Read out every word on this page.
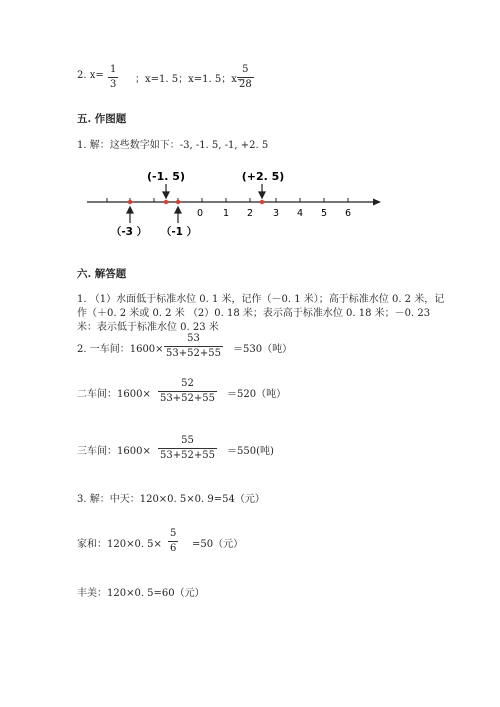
2. x=
1
3 ；x=1. 5；x=1. 5；x=
5
28
五. 作图题
1. 解：这些数字如下：-3, -1. 5, -1, +2. 5
0 1 2 3 4 5 6
(-1. 5)	(+2. 5)
（-3 ） （-1 ）
六. 解答题
1. （1）水面低于标准水位 0. 1 米，记作（－0. 1 米）；高于标准水位 0. 2 米，记
作（＋0. 2 米或 0. 2 米 （2）0. 18 米；表示高于标准水位 0. 18 米；－0. 23
米：表示低于标准水位 0. 23 米
2. 一车间：1600×
53
53+52+55 ＝530（吨）
二车间：1600×
52
53+52+55 ＝520（吨）
三车间：1600×
55
53+52+55 ＝550(吨)
3. 解：中天：120×0. 5×0. 9=54（元）
家和：120×0. 5×
5
6 =50（元）
丰美：120×0. 5=60（元）
